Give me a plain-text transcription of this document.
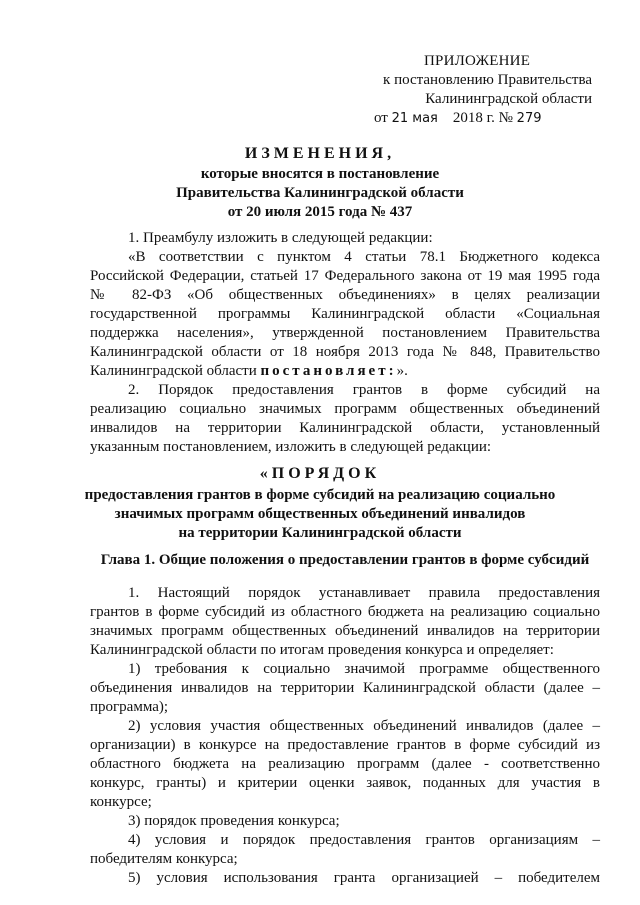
ПРИЛОЖЕНИЕ
к постановлению Правительства
Калининградской области
от 21 мая 2018 г. № 279
ИЗМЕНЕНИЯ,
которые вносятся в постановление
Правительства Калининградской области
от 20 июля 2015 года № 437
1. Преамбулу изложить в следующей редакции:
«В соответствии с пунктом 4 статьи 78.1 Бюджетного кодекса
Российской Федерации, статьей 17 Федерального закона от 19 мая 1995 года
№ 82-ФЗ «Об общественных объединениях» в целях реализации
государственной программы Калининградской области «Социальная
поддержка населения», утвержденной постановлением Правительства
Калининградской области от 18 ноября 2013 года № 848, Правительство
Калининградской области постановляет:».
2. Порядок предоставления грантов в форме субсидий на
реализацию социально значимых программ общественных объединений
инвалидов на территории Калининградской области, установленный
указанным постановлением, изложить в следующей редакции:
«ПОРЯДОК
предоставления грантов в форме субсидий на реализацию социально
значимых программ общественных объединений инвалидов
на территории Калининградской области
Глава 1. Общие положения о предоставлении грантов в форме субсидий
1. Настоящий порядок устанавливает правила предоставления
грантов в форме субсидий из областного бюджета на реализацию социально
значимых программ общественных объединений инвалидов на территории
Калининградской области по итогам проведения конкурса и определяет:
1) требования к социально значимой программе общественного
объединения инвалидов на территории Калининградской области (далее –
программа);
2) условия участия общественных объединений инвалидов (далее –
организации) в конкурсе на предоставление грантов в форме субсидий из
областного бюджета на реализацию программ (далее - соответственно
конкурс, гранты) и критерии оценки заявок, поданных для участия в
конкурсе;
3) порядок проведения конкурса;
4) условия и порядок предоставления грантов организациям –
победителям конкурса;
5) условия использования гранта организацией – победителем
